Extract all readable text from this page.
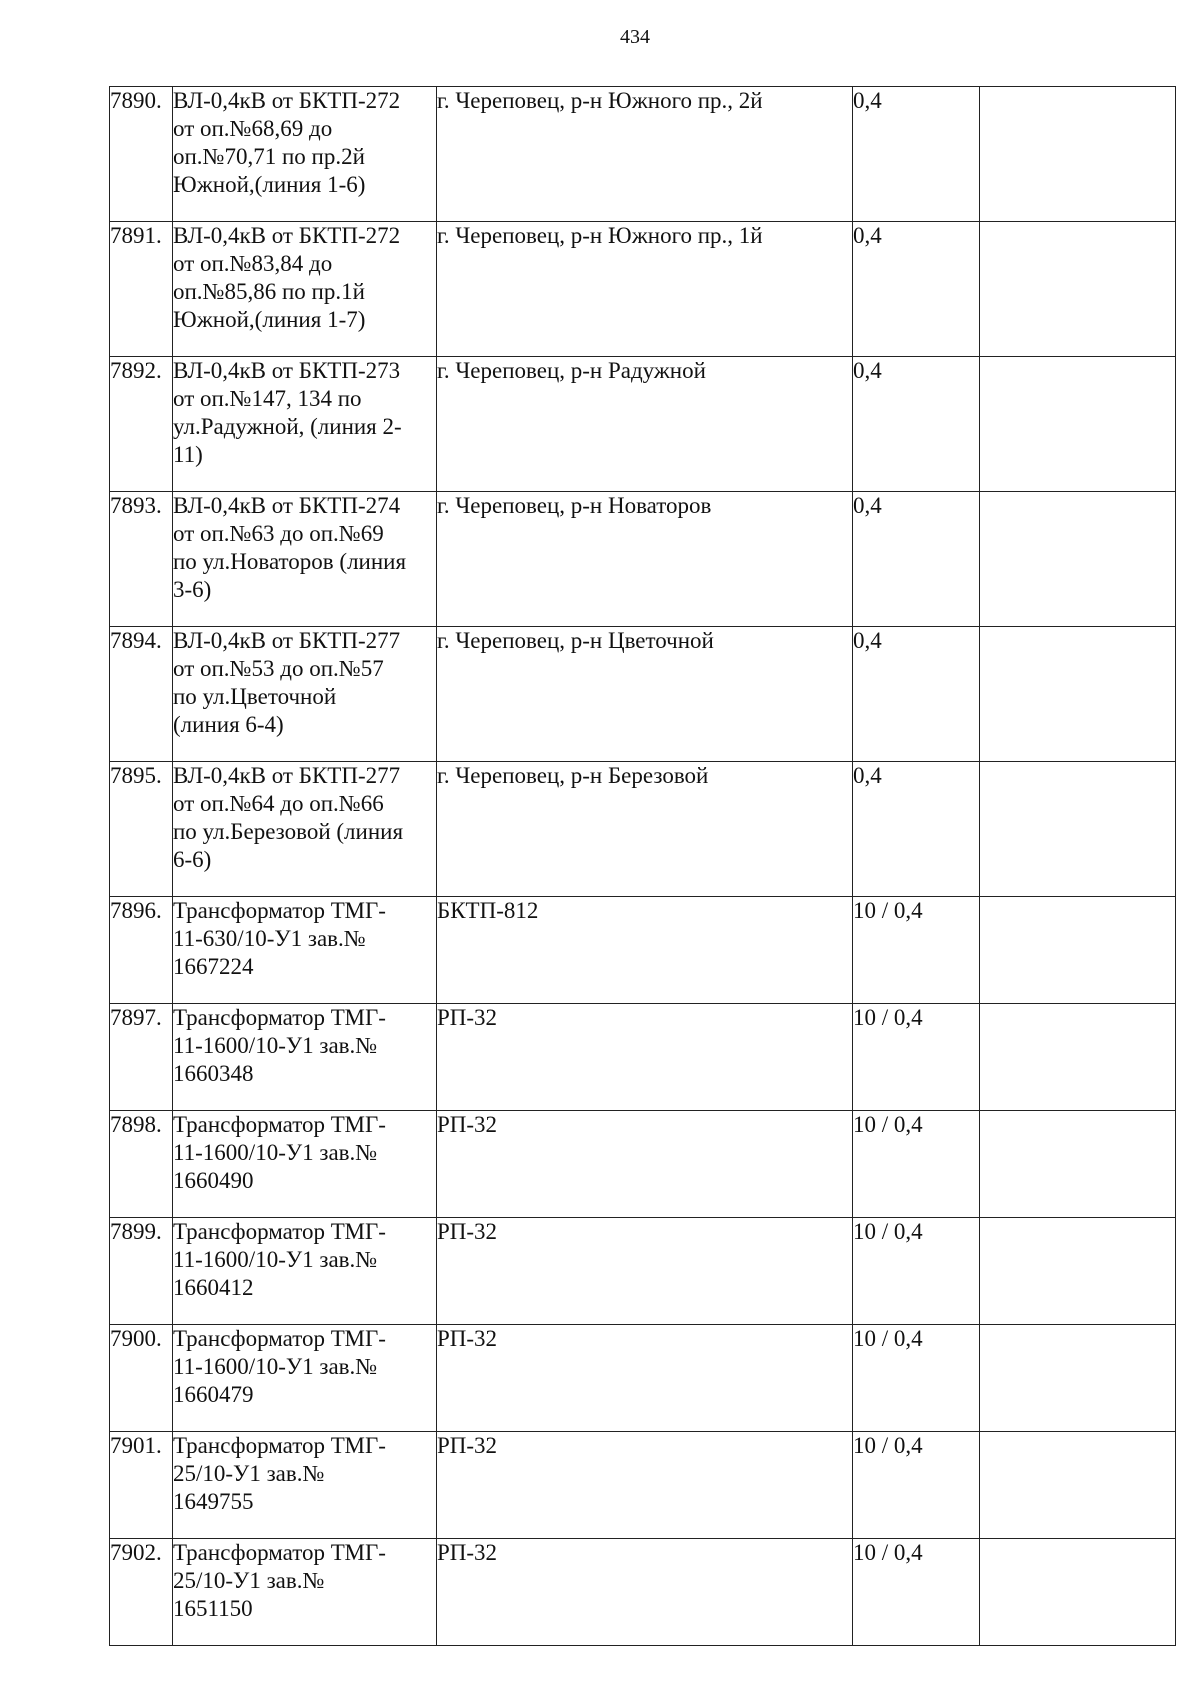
434
7890.	ВЛ-0,4кВ от БКТП-272
от оп.№68,69 до
оп.№70,71 по пр.2й
Южной,(линия 1-6)	г. Череповец, р-н Южного пр., 2й	0,4	
7891.	ВЛ-0,4кВ от БКТП-272
от оп.№83,84 до
оп.№85,86 по пр.1й
Южной,(линия 1-7)	г. Череповец, р-н Южного пр., 1й	0,4	
7892.	ВЛ-0,4кВ от БКТП-273
от оп.№147, 134 по
ул.Радужной, (линия 2-
11)	г. Череповец, р-н Радужной	0,4	
7893.	ВЛ-0,4кВ от БКТП-274
от оп.№63 до оп.№69
по ул.Новаторов (линия
3-6)	г. Череповец, р-н Новаторов	0,4	
7894.	ВЛ-0,4кВ от БКТП-277
от оп.№53 до оп.№57
по ул.Цветочной
(линия 6-4)	г. Череповец, р-н Цветочной	0,4	
7895.	ВЛ-0,4кВ от БКТП-277
от оп.№64 до оп.№66
по ул.Березовой (линия
6-6)	г. Череповец, р-н Березовой	0,4	
7896.	Трансформатор ТМГ-
11-630/10-У1 зав.№
1667224	БКТП-812	10 / 0,4	
7897.	Трансформатор ТМГ-
11-1600/10-У1 зав.№
1660348	РП-32	10 / 0,4	
7898.	Трансформатор ТМГ-
11-1600/10-У1 зав.№
1660490	РП-32	10 / 0,4	
7899.	Трансформатор ТМГ-
11-1600/10-У1 зав.№
1660412	РП-32	10 / 0,4	
7900.	Трансформатор ТМГ-
11-1600/10-У1 зав.№
1660479	РП-32	10 / 0,4	
7901.	Трансформатор ТМГ-
25/10-У1 зав.№
1649755	РП-32	10 / 0,4	
7902.	Трансформатор ТМГ-
25/10-У1 зав.№
1651150	РП-32	10 / 0,4	
